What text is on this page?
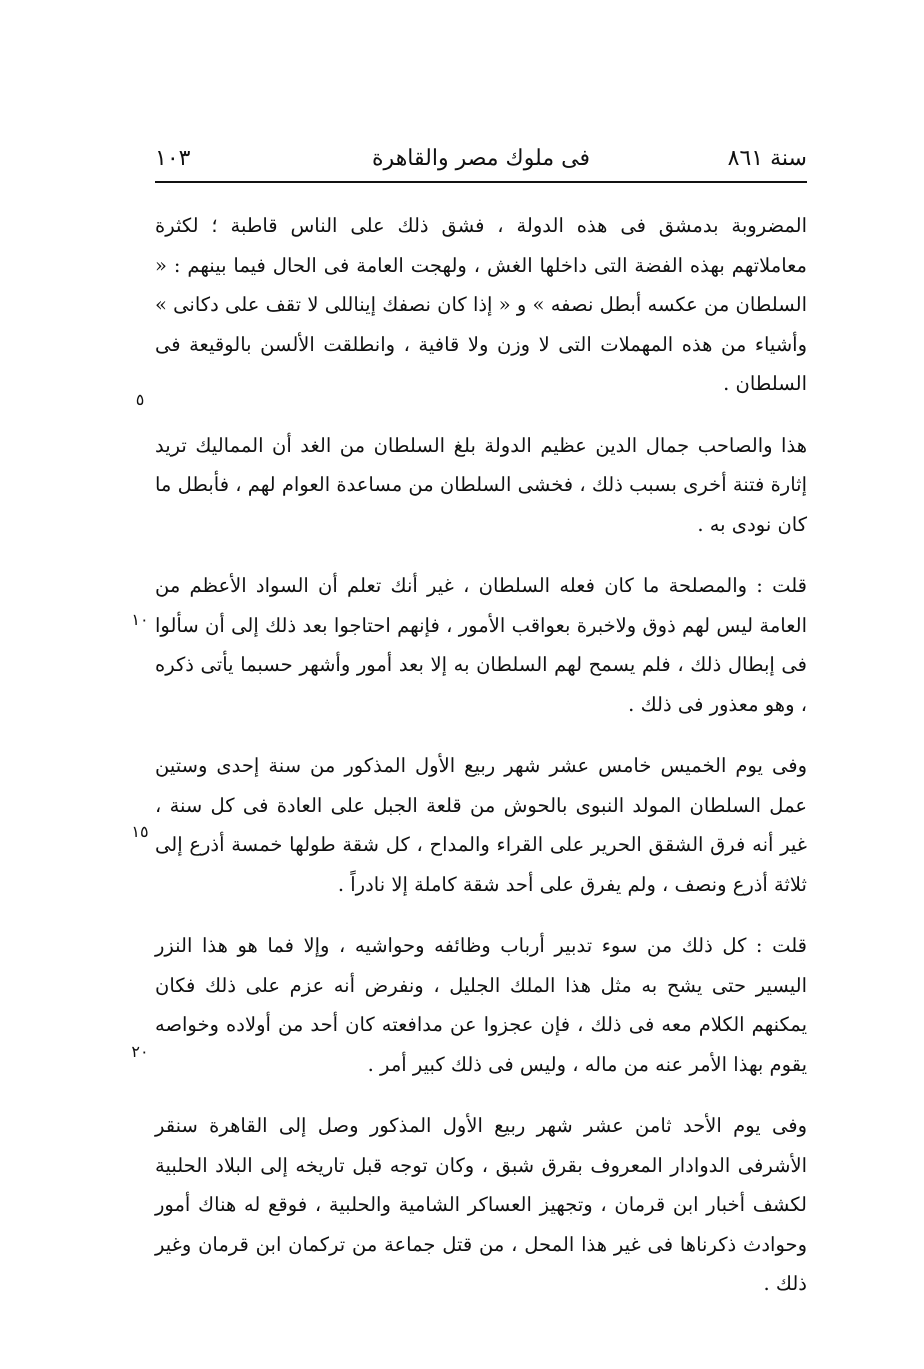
١٠٣	فى ملوك مصر والقاهرة	سنة ٨٦١

المضروبة بدمشق فى هذه الدولة ، فشق ذلك على الناس قاطبة ؛ لكثرة معاملاتهم بهذه الفضة التى داخلها الغش ، ولهجت العامة فى الحال فيما بينهم : « السلطان من عكسه أبطل نصفه » و « إذا كان نصفك إيناللى لا تقف على دكانى » وأشياء من هذه المهملات التى لا وزن ولا قافية ، وانطلقت الألسن بالوقيعة فى السلطان .

هذا والصاحب جمال الدين عظيم الدولة بلغ السلطان من الغد أن المماليك تريد إثارة فتنة أخرى بسبب ذلك ، فخشى السلطان من مساعدة العوام لهم ، فأبطل ما كان نودى به .

قلت : والمصلحة ما كان فعله السلطان ، غير أنك تعلم أن السواد الأعظم من العامة ليس لهم ذوق ولاخبرة بعواقب الأمور ، فإنهم احتاجوا بعد ذلك إلى أن سألوا فى إبطال ذلك ، فلم يسمح لهم السلطان به إلا بعد أمور وأشهر حسبما يأتى ذكره ، وهو معذور فى ذلك .

وفى يوم الخميس خامس عشر شهر ربيع الأول المذكور من سنة إحدى وستين عمل السلطان المولد النبوى بالحوش من قلعة الجبل على العادة فى كل سنة ، غير أنه فرق الشقق الحرير على القراء والمداح ، كل شقة طولها خمسة أذرع إلى ثلاثة أذرع ونصف ، ولم يفرق على أحد شقة كاملة إلا نادراً .

قلت : كل ذلك من سوء تدبير أرباب وظائفه وحواشيه ، وإلا فما هو هذا النزر اليسير حتى يشح به مثل هذا الملك الجليل ، ونفرض أنه عزم على ذلك فكان يمكنهم الكلام معه فى ذلك ، فإن عجزوا عن مدافعته كان أحد من أولاده وخواصه يقوم بهذا الأمر عنه من ماله ، وليس فى ذلك كبير أمر .

وفى يوم الأحد ثامن عشر شهر ربيع الأول المذكور وصل إلى القاهرة سنقر الأشرفى الدوادار المعروف بقرق شبق ، وكان توجه قبل تاريخه إلى البلاد الحلبية لكشف أخبار ابن قرمان ، وتجهيز العساكر الشامية والحلبية ، فوقع له هناك أمور وحوادث ذكرناها فى غير هذا المحل ، من قتل جماعة من تركمان ابن قرمان وغير ذلك .

٥
١٠
١٥
٢٠
